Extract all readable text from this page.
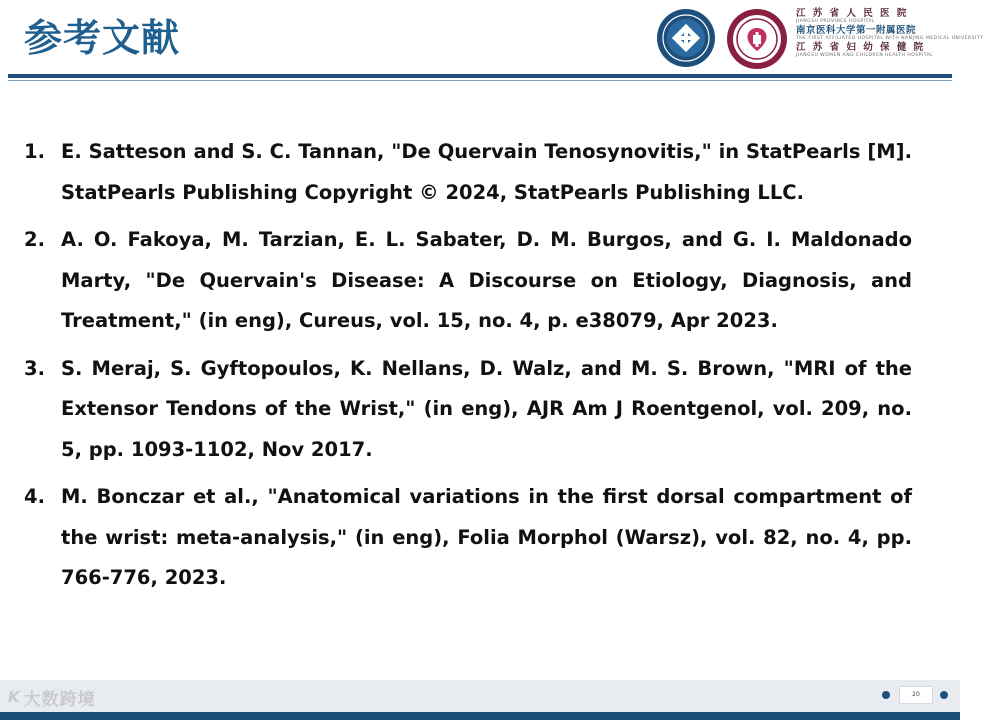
参考文献
江 苏 省 人 民 医 院
JIANGSU PROVINCE HOSPITAL
南京医科大学第一附属医院
THE FIRST AFFILIATED HOSPITAL WITH NANJING MEDICAL UNIVERSITY
江 苏 省 妇 幼 保 健 院
JIANGSU WOMEN AND CHILDREN HEALTH HOSPITAL
1. E. Satteson and S. C. Tannan, "De Quervain Tenosynovitis," in StatPearls [M]. StatPearls Publishing Copyright © 2024, StatPearls Publishing LLC.
2. A. O. Fakoya, M. Tarzian, E. L. Sabater, D. M. Burgos, and G. I. Maldonado Marty, "De Quervain's Disease: A Discourse on Etiology, Diagnosis, and Treatment," (in eng), Cureus, vol. 15, no. 4, p. e38079, Apr 2023.
3. S. Meraj, S. Gyftopoulos, K. Nellans, D. Walz, and M. S. Brown, "MRI of the Extensor Tendons of the Wrist," (in eng), AJR Am J Roentgenol, vol. 209, no. 5, pp. 1093-1102, Nov 2017.
4. M. Bonczar et al., "Anatomical variations in the first dorsal compartment of the wrist: meta-analysis," (in eng), Folia Morphol (Warsz), vol. 82, no. 4, pp. 766-776, 2023.
K 大数跨境	20
